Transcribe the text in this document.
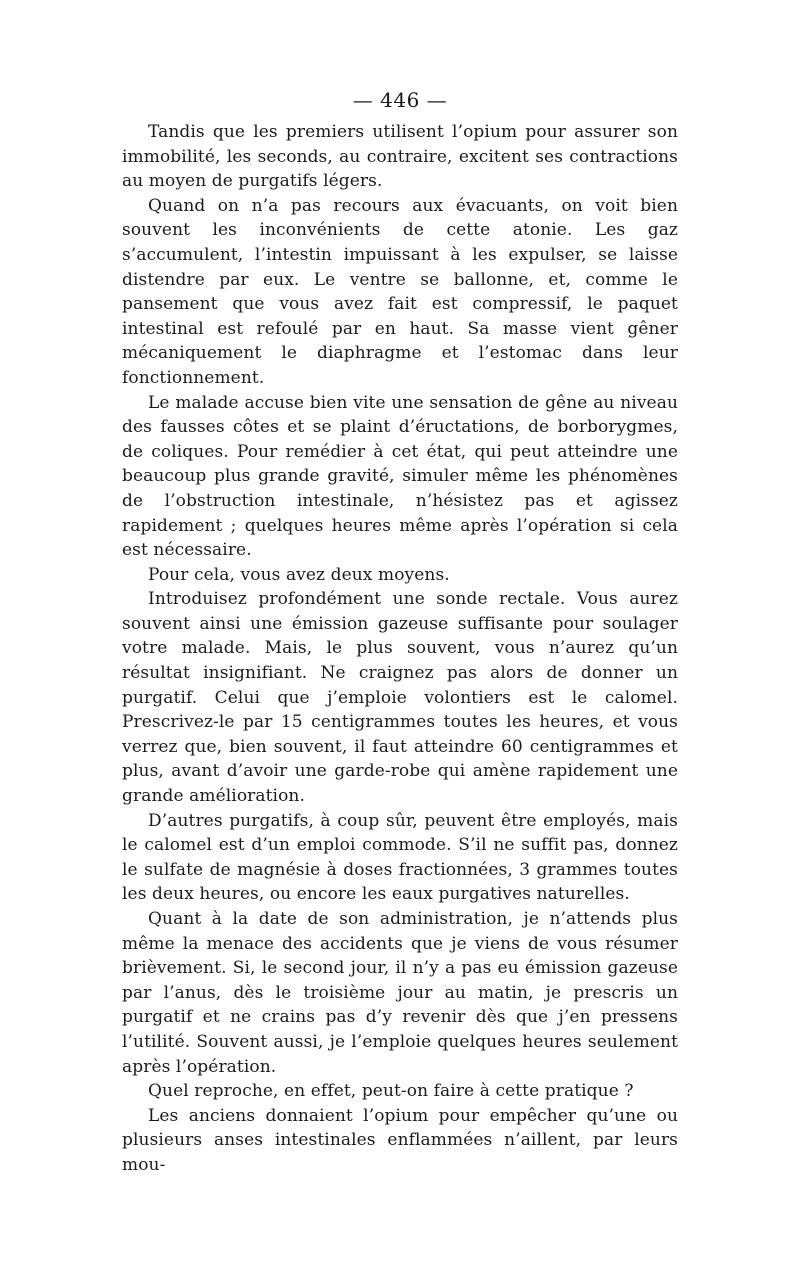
— 446 —

Tandis que les premiers utilisent l’opium pour assurer son immobilité, les seconds, au contraire, excitent ses contractions au moyen de purgatifs légers.

Quand on n’a pas recours aux évacuants, on voit bien souvent les inconvénients de cette atonie. Les gaz s’accumulent, l’intestin impuissant à les expulser, se laisse distendre par eux. Le ventre se ballonne, et, comme le pansement que vous avez fait est compressif, le paquet intestinal est refoulé par en haut. Sa masse vient gêner mécaniquement le diaphragme et l’estomac dans leur fonctionnement.

Le malade accuse bien vite une sensation de gêne au niveau des fausses côtes et se plaint d’éructations, de borborygmes, de coliques. Pour remédier à cet état, qui peut atteindre une beaucoup plus grande gravité, simuler même les phénomènes de l’obstruction intestinale, n’hésistez pas et agissez rapidement ; quelques heures même après l’opération si cela est nécessaire.

Pour cela, vous avez deux moyens.

Introduisez profondément une sonde rectale. Vous aurez souvent ainsi une émission gazeuse suffisante pour soulager votre malade. Mais, le plus souvent, vous n’aurez qu’un résultat insignifiant. Ne craignez pas alors de donner un purgatif. Celui que j’emploie volontiers est le calomel. Prescrivez-le par 15 centigrammes toutes les heures, et vous verrez que, bien souvent, il faut atteindre 60 centigrammes et plus, avant d’avoir une garde-robe qui amène rapidement une grande amélioration.

D’autres purgatifs, à coup sûr, peuvent être employés, mais le calomel est d’un emploi commode. S’il ne suffit pas, donnez le sulfate de magnésie à doses fractionnées, 3 grammes toutes les deux heures, ou encore les eaux purgatives naturelles.

Quant à la date de son administration, je n’attends plus même la menace des accidents que je viens de vous résumer brièvement. Si, le second jour, il n’y a pas eu émission gazeuse par l’anus, dès le troisième jour au matin, je prescris un purgatif et ne crains pas d’y revenir dès que j’en pressens l’utilité. Souvent aussi, je l’emploie quelques heures seulement après l’opération.

Quel reproche, en effet, peut-on faire à cette pratique ?

Les anciens donnaient l’opium pour empêcher qu’une ou plusieurs anses intestinales enflammées n’aillent, par leurs mou-
